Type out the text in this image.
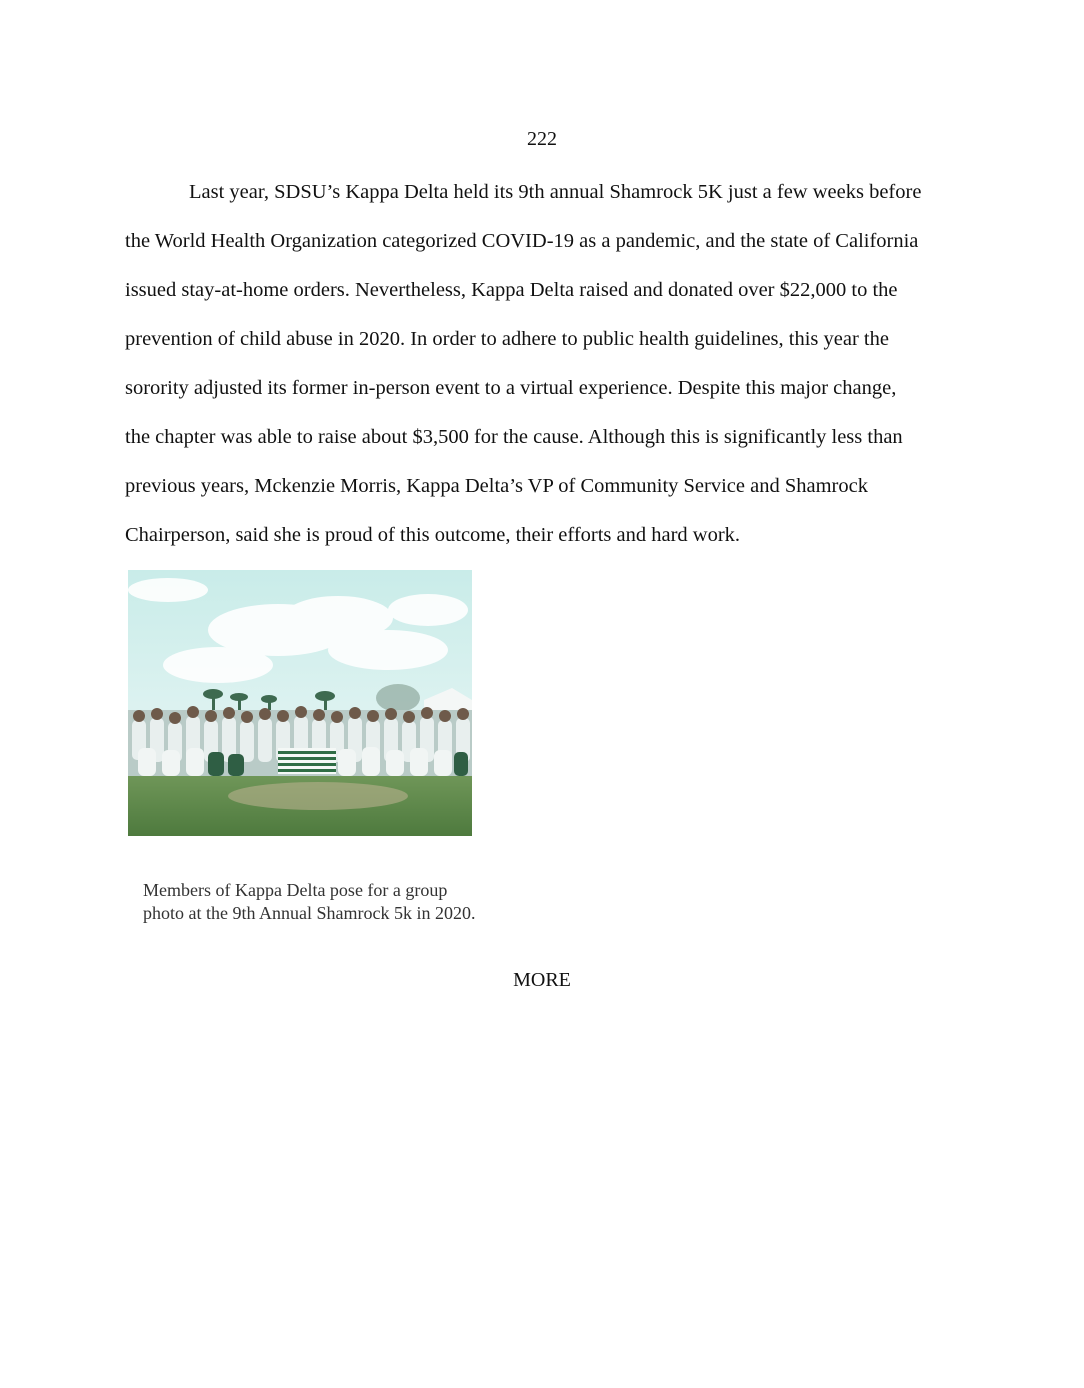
222
Last year, SDSU’s Kappa Delta held its 9th annual Shamrock 5K just a few weeks before
the World Health Organization categorized COVID-19 as a pandemic, and the state of California
issued stay-at-home orders. Nevertheless, Kappa Delta raised and donated over $22,000 to the
prevention of child abuse in 2020. In order to adhere to public health guidelines, this year the
sorority adjusted its former in-person event to a virtual experience. Despite this major change,
the chapter was able to raise about $3,500 for the cause. Although this is significantly less than
previous years, Mckenzie Morris, Kappa Delta’s VP of Community Service and Shamrock
Chairperson, said she is proud of this outcome, their efforts and hard work.
Members of Kappa Delta pose for a group
photo at the 9th Annual Shamrock 5k in 2020.
MORE
